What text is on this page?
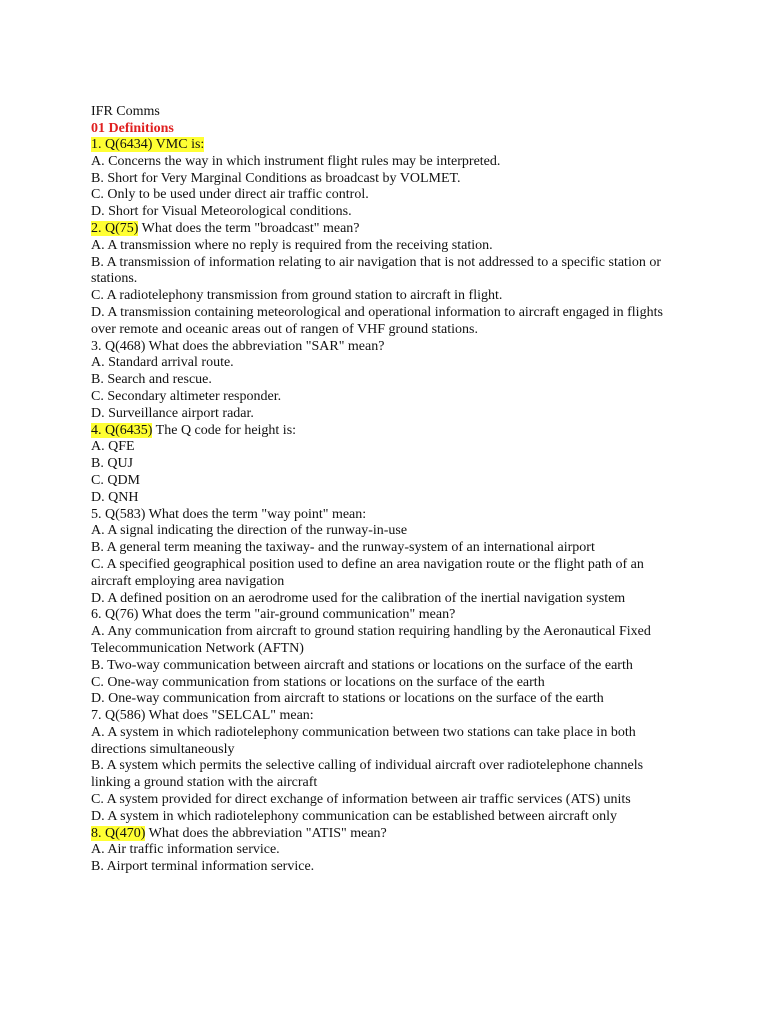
IFR Comms
01 Definitions
1. Q(6434) VMC is:
A. Concerns the way in which instrument flight rules may be interpreted.
B. Short for Very Marginal Conditions as broadcast by VOLMET.
C. Only to be used under direct air traffic control.
D. Short for Visual Meteorological conditions.
2. Q(75) What does the term "broadcast" mean?
A. A transmission where no reply is required from the receiving station.
B. A transmission of information relating to air navigation that is not addressed to a specific station or stations.
C. A radiotelephony transmission from ground station to aircraft in flight.
D. A transmission containing meteorological and operational information to aircraft engaged in flights over remote and oceanic areas out of rangen of VHF ground stations.
3. Q(468) What does the abbreviation "SAR" mean?
A. Standard arrival route.
B. Search and rescue.
C. Secondary altimeter responder.
D. Surveillance airport radar.
4. Q(6435) The Q code for height is:
A. QFE
B. QUJ
C. QDM
D. QNH
5. Q(583) What does the term "way point" mean:
A. A signal indicating the direction of the runway-in-use
B. A general term meaning the taxiway- and the runway-system of an international airport
C. A specified geographical position used to define an area navigation route or the flight path of an aircraft employing area navigation
D. A defined position on an aerodrome used for the calibration of the inertial navigation system
6. Q(76) What does the term "air-ground communication" mean?
A. Any communication from aircraft to ground station requiring handling by the Aeronautical Fixed Telecommunication Network (AFTN)
B. Two-way communication between aircraft and stations or locations on the surface of the earth
C. One-way communication from stations or locations on the surface of the earth
D. One-way communication from aircraft to stations or locations on the surface of the earth
7. Q(586) What does "SELCAL" mean:
A. A system in which radiotelephony communication between two stations can take place in both directions simultaneously
B. A system which permits the selective calling of individual aircraft over radiotelephone channels linking a ground station with the aircraft
C. A system provided for direct exchange of information between air traffic services (ATS) units
D. A system in which radiotelephony communication can be established between aircraft only
8. Q(470) What does the abbreviation "ATIS" mean?
A. Air traffic information service.
B. Airport terminal information service.
